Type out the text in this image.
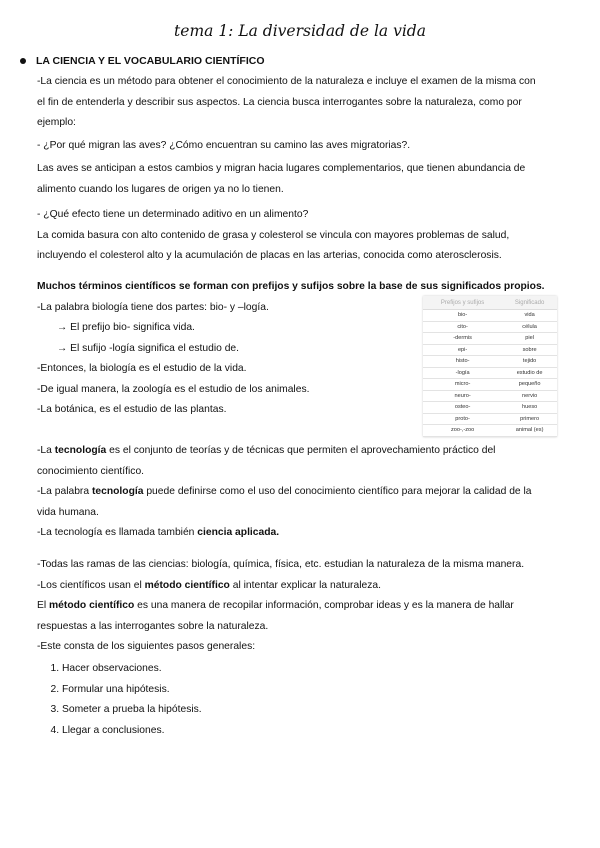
tema 1: La diversidad de la vida
LA CIENCIA Y EL VOCABULARIO CIENTÍFICO
-La ciencia es un método para obtener el conocimiento de la naturaleza e incluye el examen de la misma con
el fin de entenderla y describir sus aspectos. La ciencia busca interrogantes sobre la naturaleza, como por
ejemplo:
- ¿Por qué migran las aves? ¿Cómo encuentran su camino las aves migratorias?.
Las aves se anticipan a estos cambios y migran hacia lugares complementarios, que tienen abundancia de
alimento cuando los lugares de origen ya no lo tienen.
- ¿Qué efecto tiene un determinado aditivo en un alimento?
La comida basura con alto contenido de grasa y colesterol se vincula con mayores problemas de salud,
incluyendo el colesterol alto y la acumulación de placas en las arterias, conocida como aterosclerosis.
Muchos términos científicos se forman con prefijos y sufijos sobre la base de sus significados propios.
-La palabra biología tiene dos partes: bio- y –logía.
→ El prefijo bio- significa vida.
→ El sufijo -logía significa el estudio de.
-Entonces, la biología es el estudio de la vida.
-De igual manera, la zoología es el estudio de los animales.
-La botánica, es el estudio de las plantas.
Prefijos y sufijos	Significado
bio-	vida
cito-	célula
-dermis	piel
epi-	sobre
histo-	tejido
-logía	estudio de
micro-	pequeño
neuro-	nervio
osteo-	hueso
proto-	primero
zoo-,-zoo	animal (es)
-La tecnología es el conjunto de teorías y de técnicas que permiten el aprovechamiento práctico del
conocimiento científico.
-La palabra tecnología puede definirse como el uso del conocimiento científico para mejorar la calidad de la
vida humana.
-La tecnología es llamada también ciencia aplicada.
-Todas las ramas de las ciencias: biología, química, física, etc. estudian la naturaleza de la misma manera.
-Los científicos usan el método científico al intentar explicar la naturaleza.
El método científico es una manera de recopilar información, comprobar ideas y es la manera de hallar
respuestas a las interrogantes sobre la naturaleza.
-Este consta de los siguientes pasos generales:
1. Hacer observaciones.
2. Formular una hipótesis.
3. Someter a prueba la hipótesis.
4. Llegar a conclusiones.
